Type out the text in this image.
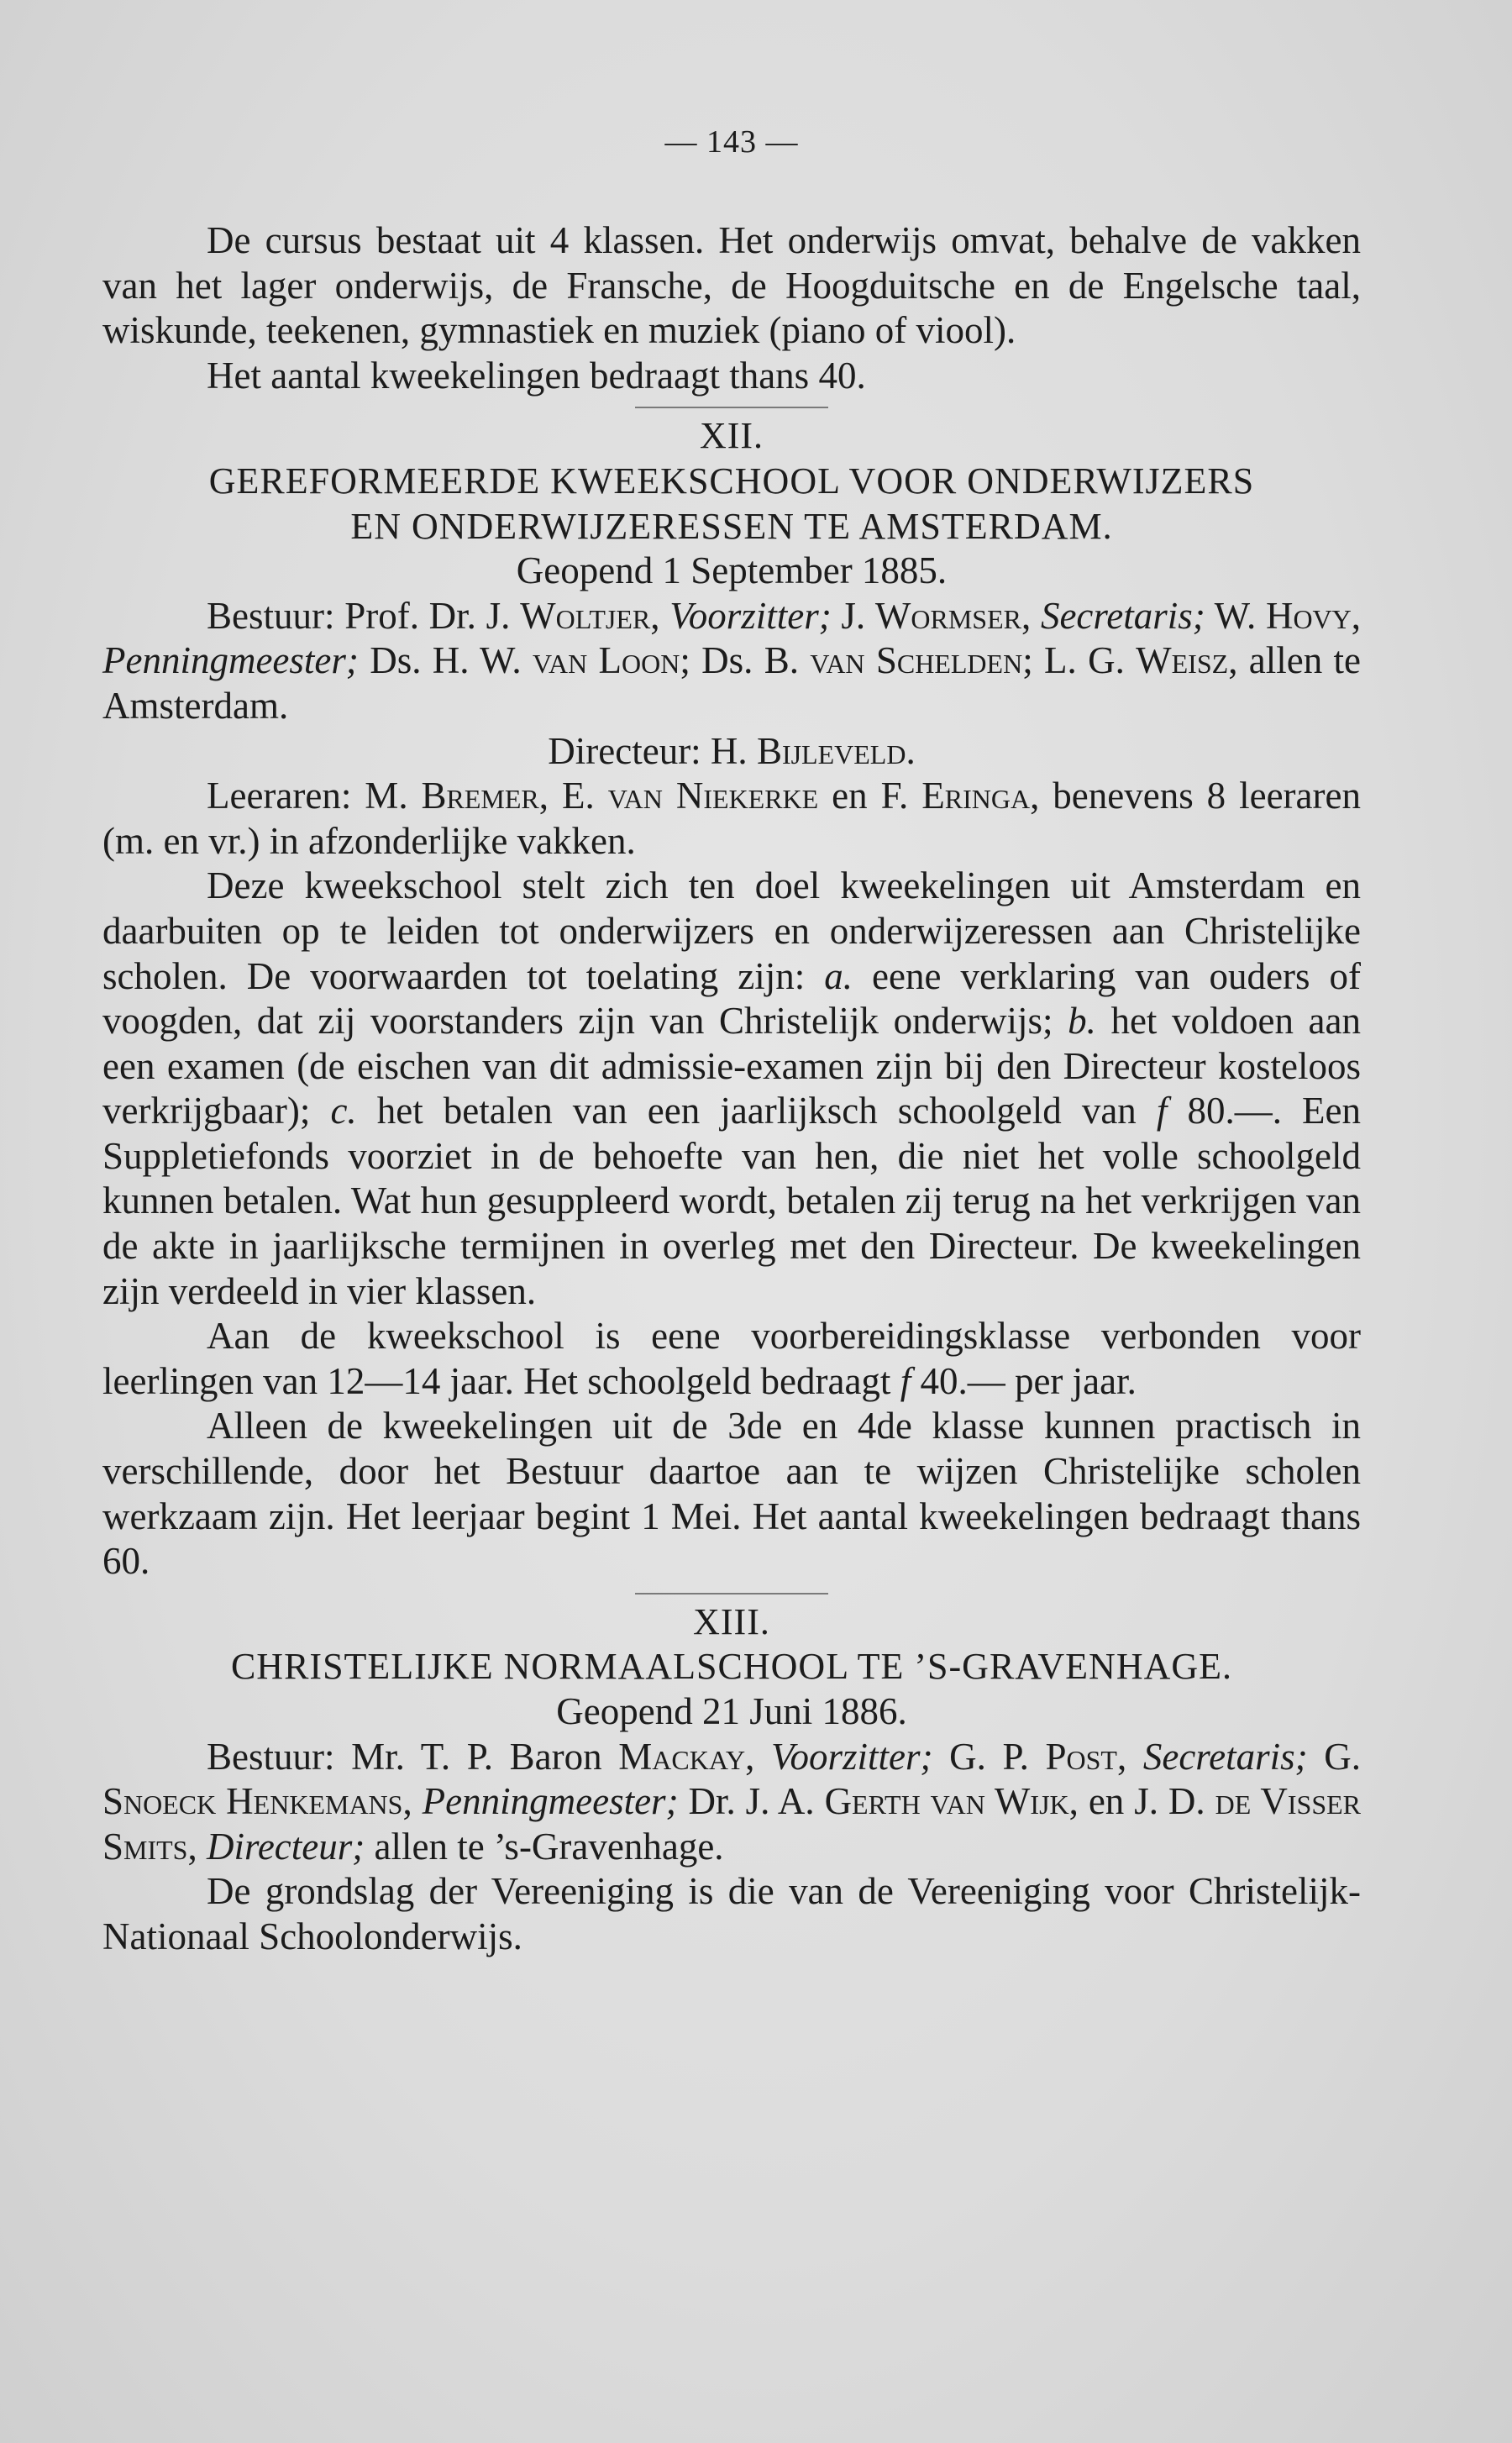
— 143 —

De cursus bestaat uit 4 klassen. Het onderwijs omvat, behalve de vakken van het lager onderwijs, de Fransche, de Hoogduitsche en de Engelsche taal, wiskunde, teekenen, gymnastiek en muziek (piano of viool).

Het aantal kweekelingen bedraagt thans 40.

XII.
GEREFORMEERDE KWEEKSCHOOL VOOR ONDERWIJZERS
EN ONDERWIJZERESSEN TE AMSTERDAM.

Geopend 1 September 1885.

Bestuur: Prof. Dr. J. Woltjer, Voorzitter; J. Wormser, Secretaris; W. Hovy, Penningmeester; Ds. H. W. van Loon; Ds. B. van Schelden; L. G. Weisz, allen te Amsterdam.

Directeur: H. Bijleveld.

Leeraren: M. Bremer, E. van Niekerke en F. Eringa, benevens 8 leeraren (m. en vr.) in afzonderlijke vakken.

Deze kweekschool stelt zich ten doel kweekelingen uit Amsterdam en daarbuiten op te leiden tot onderwijzers en onderwijzeressen aan Christelijke scholen. De voorwaarden tot toelating zijn: a. eene verklaring van ouders of voogden, dat zij voorstanders zijn van Christelijk onderwijs; b. het voldoen aan een examen (de eischen van dit admissie-examen zijn bij den Directeur kosteloos verkrijgbaar); c. het betalen van een jaarlijksch schoolgeld van f 80.—. Een Suppletiefonds voorziet in de behoefte van hen, die niet het volle schoolgeld kunnen betalen. Wat hun gesuppleerd wordt, betalen zij terug na het verkrijgen van de akte in jaarlijksche termijnen in overleg met den Directeur. De kweekelingen zijn verdeeld in vier klassen.

Aan de kweekschool is eene voorbereidingsklasse verbonden voor leerlingen van 12—14 jaar. Het schoolgeld bedraagt f 40.— per jaar.

Alleen de kweekelingen uit de 3de en 4de klasse kunnen practisch in verschillende, door het Bestuur daartoe aan te wijzen Christelijke scholen werkzaam zijn. Het leerjaar begint 1 Mei. Het aantal kweekelingen bedraagt thans 60.

XIII.
CHRISTELIJKE NORMAALSCHOOL TE ’S-GRAVENHAGE.

Geopend 21 Juni 1886.

Bestuur: Mr. T. P. Baron Mackay, Voorzitter; G. P. Post, Secretaris; G. Snoeck Henkemans, Penningmeester; Dr. J. A. Gerth van Wijk, en J. D. de Visser Smits, Directeur; allen te ’s-Gravenhage.

De grondslag der Vereeniging is die van de Vereeniging voor Christelijk-Nationaal Schoolonderwijs.
